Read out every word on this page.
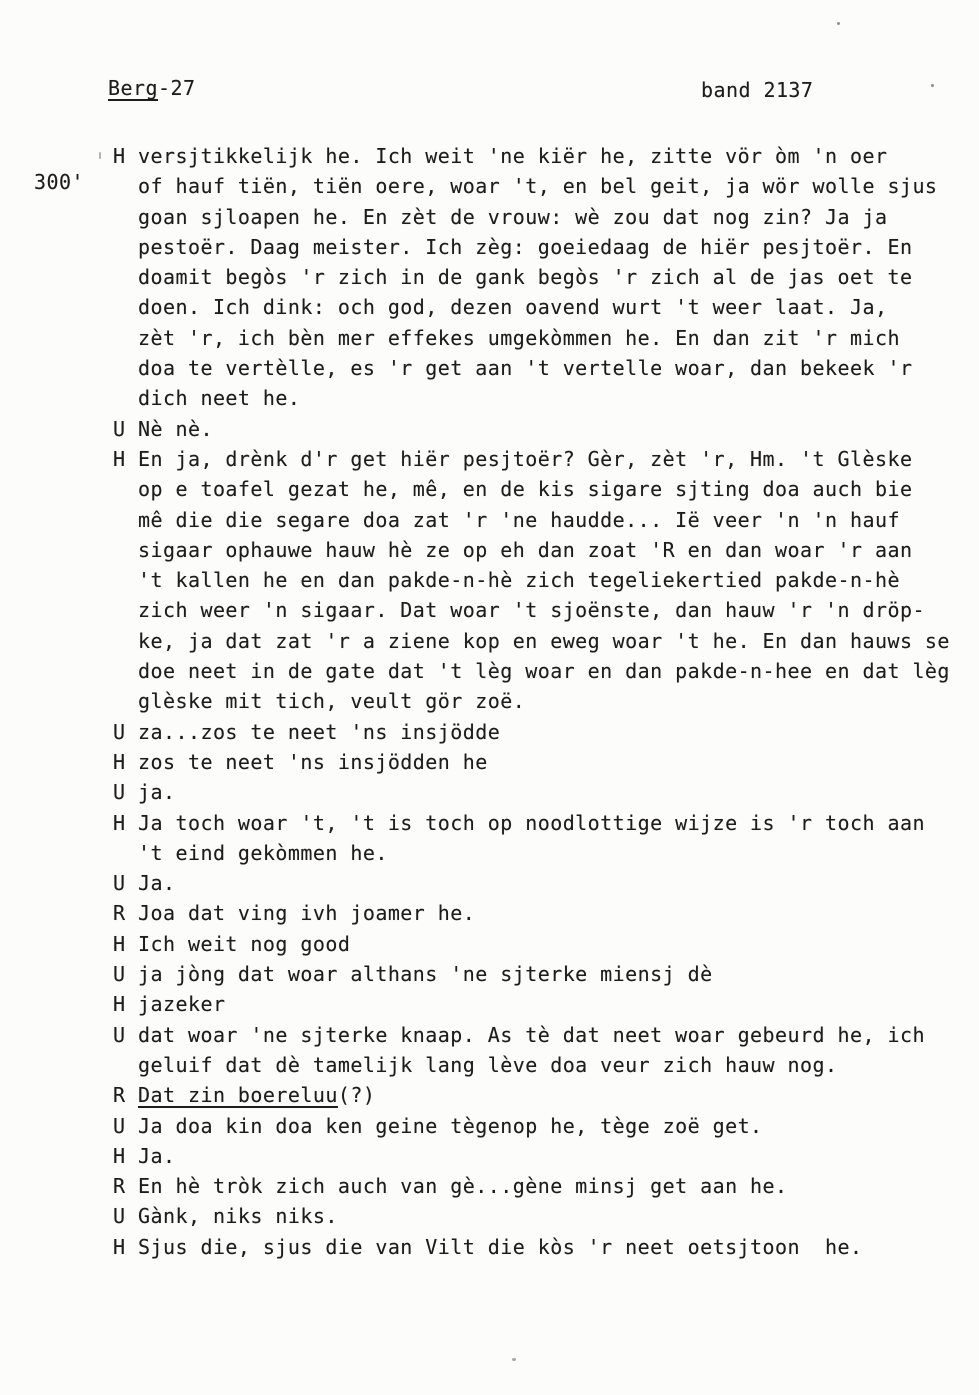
Berg-27	band 2137
300'
H versjtikkelijk he. Ich weit 'ne kiër he, zitte vör òm 'n oer
of hauf tiën, tiën oere, woar 't, en bel geit, ja wör wolle sjus
goan sjloapen he. En zèt de vrouw: wè zou dat nog zin? Ja ja
pestoër. Daag meister. Ich zèg: goeiedaag de hiër pesjtoër. En
doamit begòs 'r zich in de gank begòs 'r zich al de jas oet te
doen. Ich dink: och god, dezen oavend wurt 't weer laat. Ja,
zèt 'r, ich bèn mer effekes umgekòmmen he. En dan zit 'r mich
doa te vertèlle, es 'r get aan 't vertelle woar, dan bekeek 'r
dich neet he.
U Nè nè.
H En ja, drènk d'r get hiër pesjtoër? Gèr, zèt 'r, Hm. 't Glèske
op e toafel gezat he, mê, en de kis sigare sjting doa auch bie
mê die die segare doa zat 'r 'ne haudde... Ië veer 'n 'n hauf
sigaar ophauwe hauw hè ze op eh dan zoat 'R en dan woar 'r aan
't kallen he en dan pakde-n-hè zich tegeliekertied pakde-n-hè
zich weer 'n sigaar. Dat woar 't sjoënste, dan hauw 'r 'n dröp-
ke, ja dat zat 'r a ziene kop en eweg woar 't he. En dan hauws se
doe neet in de gate dat 't lèg woar en dan pakde-n-hee en dat lèg
glèske mit tich, veult gör zoë.
U za...zos te neet 'ns insjödde
H zos te neet 'ns insjödden he
U ja.
H Ja toch woar 't, 't is toch op noodlottige wijze is 'r toch aan
't eind gekòmmen he.
U Ja.
R Joa dat ving ivh joamer he.
H Ich weit nog good
U ja jòng dat woar althans 'ne sjterke miensj dè
H jazeker
U dat woar 'ne sjterke knaap. As tè dat neet woar gebeurd he, ich
geluif dat dè tamelijk lang lève doa veur zich hauw nog.
R Dat zin boereluu(?)
U Ja doa kin doa ken geine tègenop he, tège zoë get.
H Ja.
R En hè tròk zich auch van gè...gène minsj get aan he.
U Gànk, niks niks.
H Sjus die, sjus die van Vilt die kòs 'r neet oetsjtoon  he.
